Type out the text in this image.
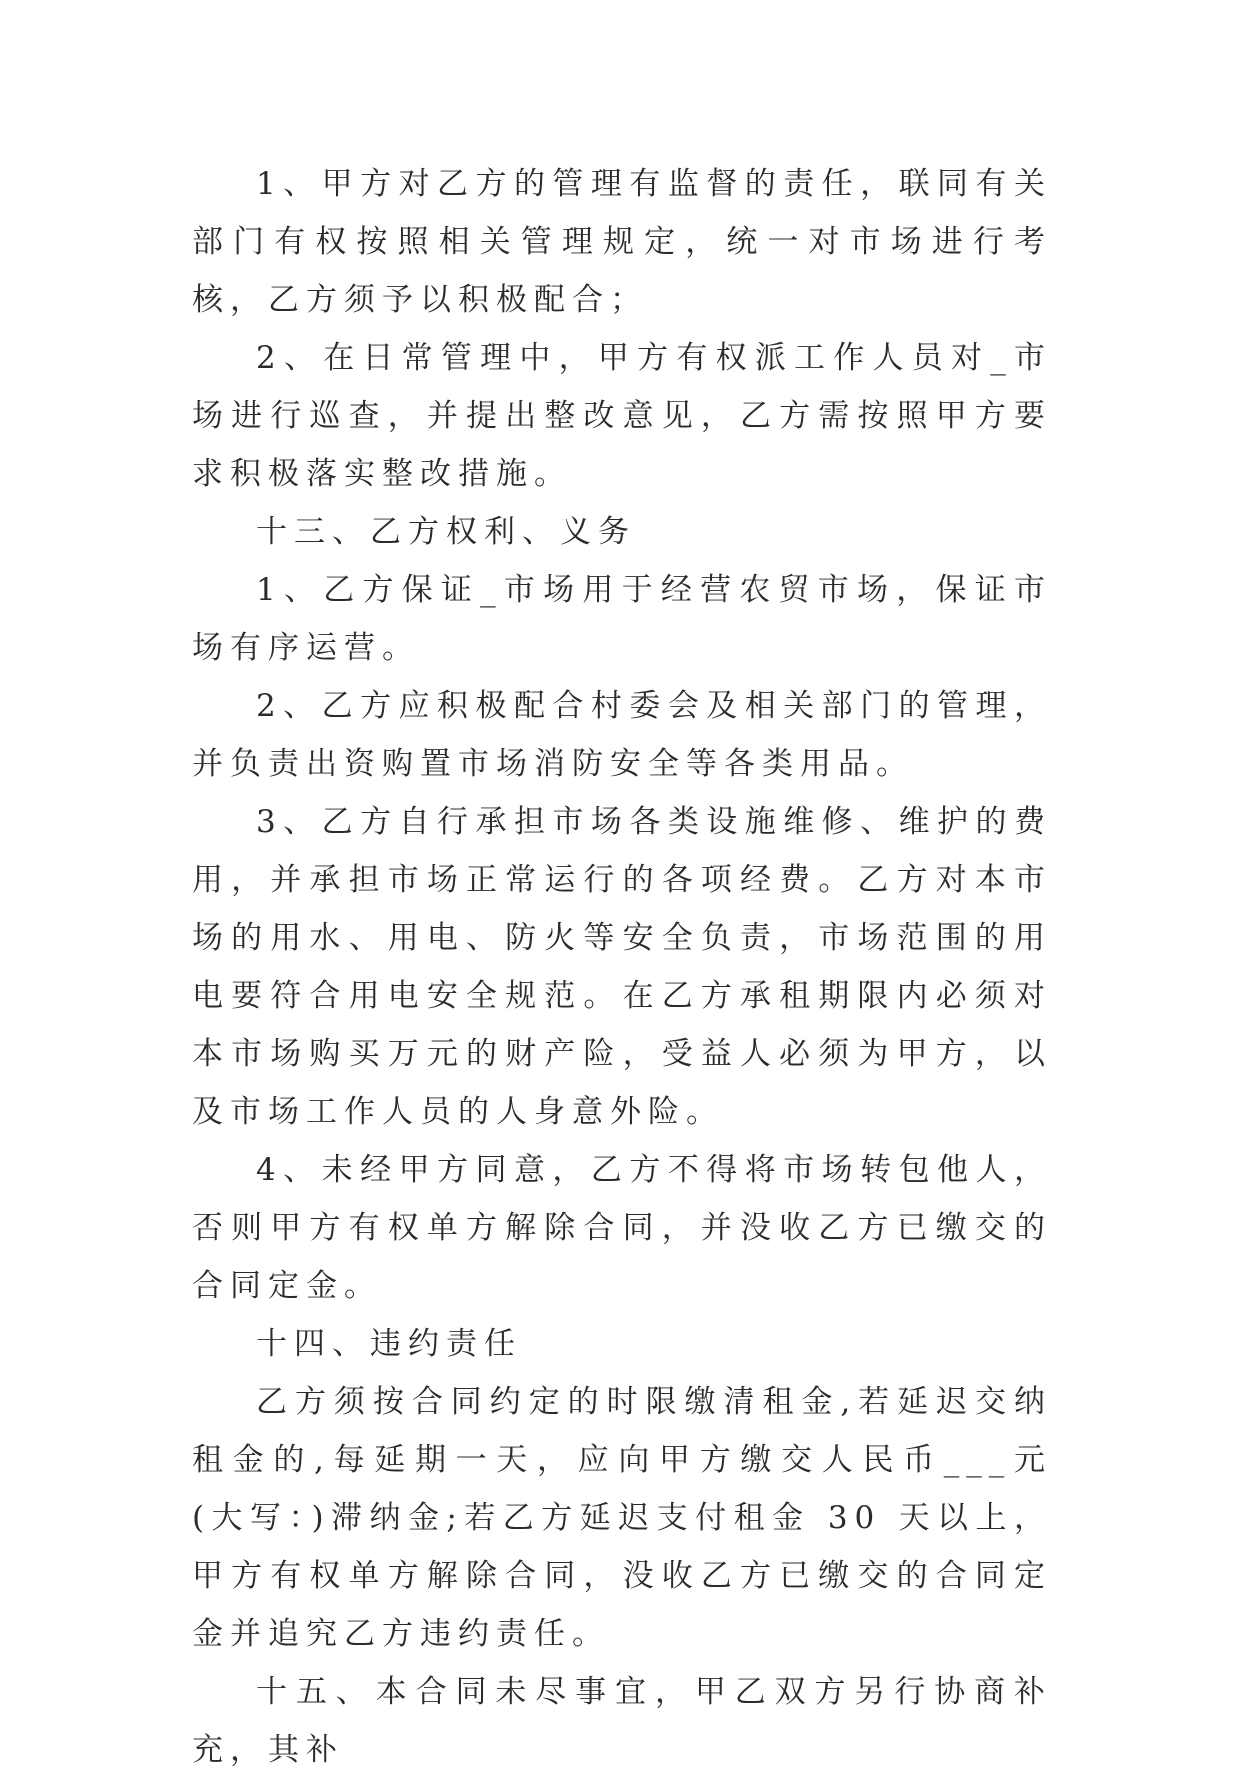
1、甲方对乙方的管理有监督的责任，联同有关部门有权按照相关管理规定，统一对市场进行考核，乙方须予以积极配合；

2、在日常管理中，甲方有权派工作人员对_市场进行巡查，并提出整改意见，乙方需按照甲方要求积极落实整改措施。

十三、乙方权利、义务

1、乙方保证_市场用于经营农贸市场，保证市场有序运营。

2、乙方应积极配合村委会及相关部门的管理，并负责出资购置市场消防安全等各类用品。

3、乙方自行承担市场各类设施维修、维护的费用，并承担市场正常运行的各项经费。乙方对本市场的用水、用电、防火等安全负责，市场范围的用电要符合用电安全规范。在乙方承租期限内必须对本市场购买万元的财产险，受益人必须为甲方，以及市场工作人员的人身意外险。

4、未经甲方同意，乙方不得将市场转包他人，否则甲方有权单方解除合同，并没收乙方已缴交的合同定金。

十四、违约责任

乙方须按合同约定的时限缴清租金,若延迟交纳租金的,每延期一天，应向甲方缴交人民币___元(大写：)滞纳金;若乙方延迟支付租金 30 天以上，甲方有权单方解除合同，没收乙方已缴交的合同定金并追究乙方违约责任。

十五、本合同未尽事宜，甲乙双方另行协商补充，其补
